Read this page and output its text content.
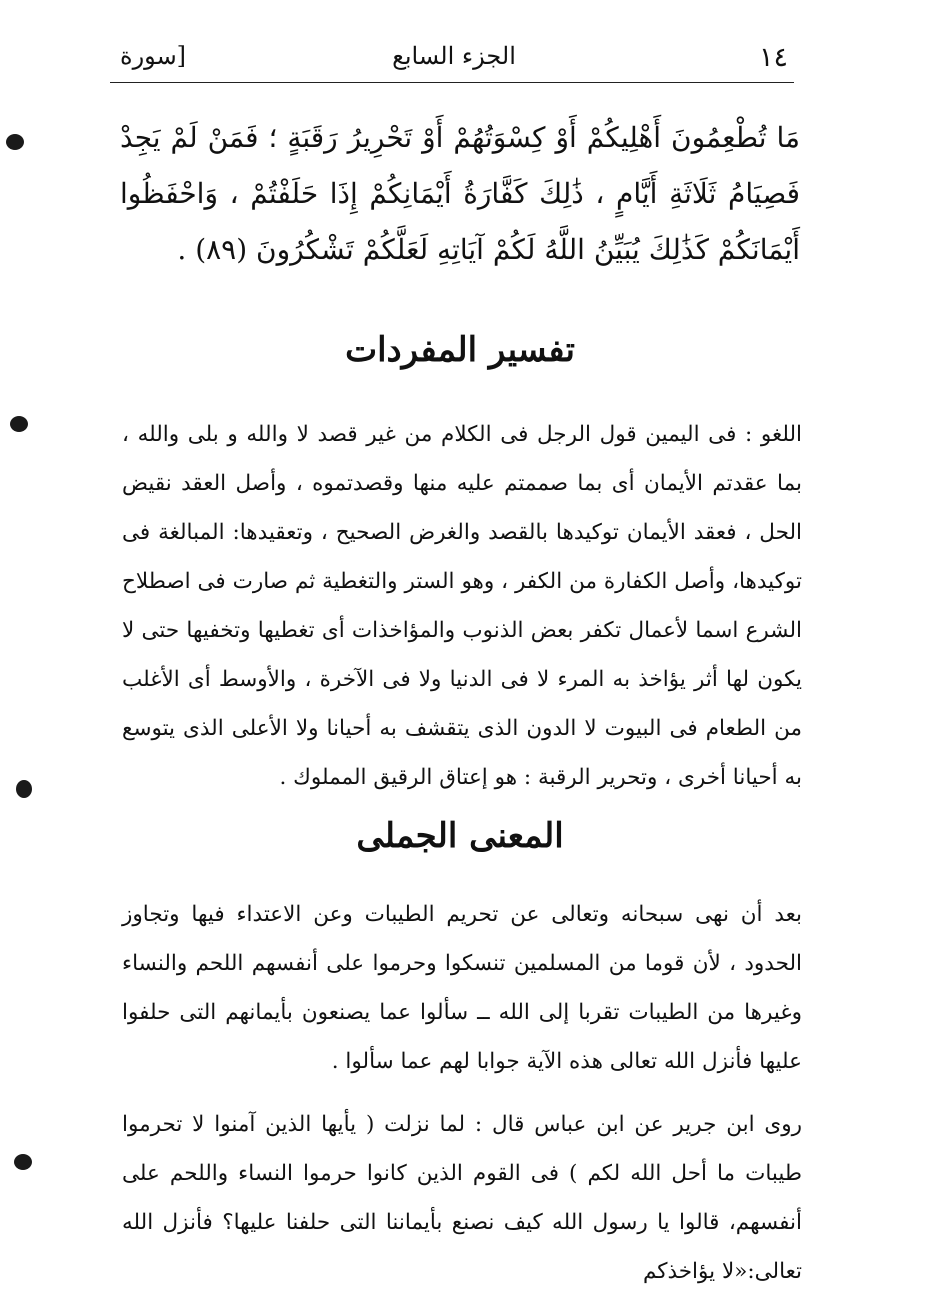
١٤
الجزء السابع
[سورة
مَا تُطْعِمُونَ أَهْلِيكُمْ أَوْ كِسْوَتُهُمْ أَوْ تَحْرِيرُ رَقَبَةٍ ؛ فَمَنْ لَمْ يَجِدْ فَصِيَامُ ثَلَاثَةِ أَيَّامٍ ، ذَٰلِكَ كَفَّارَةُ أَيْمَانِكُمْ إِذَا حَلَفْتُمْ ، وَاحْفَظُوا أَيْمَانَكُمْ كَذَٰلِكَ يُبَيِّنُ اللَّهُ لَكُمْ آيَاتِهِ لَعَلَّكُمْ تَشْكُرُونَ (٨٩) .
تفسير المفردات
اللغو : فى اليمين قول الرجل فى الكلام من غير قصد لا والله و بلى والله ، بما عقدتم الأيمان أى بما صممتم عليه منها وقصدتموه ، وأصل العقد نقيض الحل ، فعقد الأيمان توكيدها بالقصد والغرض الصحيح ، وتعقيدها: المبالغة فى توكيدها، وأصل الكفارة من الكفر ، وهو الستر والتغطية ثم صارت فى اصطلاح الشرع اسما لأعمال تكفر بعض الذنوب والمؤاخذات أى تغطيها وتخفيها حتى لا يكون لها أثر يؤاخذ به المرء لا فى الدنيا ولا فى الآخرة ، والأوسط أى الأغلب من الطعام فى البيوت لا الدون الذى يتقشف به أحيانا ولا الأعلى الذى يتوسع به أحيانا أخرى ، وتحرير الرقبة : هو إعتاق الرقيق المملوك .
المعنى الجملى
بعد أن نهى سبحانه وتعالى عن تحريم الطيبات وعن الاعتداء فيها وتجاوز الحدود ، لأن قوما من المسلمين تنسكوا وحرموا على أنفسهم اللحم والنساء وغيرها من الطيبات تقربا إلى الله ــ سألوا عما يصنعون بأيمانهم التى حلفوا عليها فأنزل الله تعالى هذه الآية جوابا لهم عما سألوا .
روى ابن جرير عن ابن عباس قال : لما نزلت ( يأيها الذين آمنوا لا تحرموا طيبات ما أحل الله لكم ) فى القوم الذين كانوا حرموا النساء واللحم على أنفسهم، قالوا يا رسول الله كيف نصنع بأيماننا التى حلفنا عليها؟ فأنزل الله تعالى:«لا يؤاخذكم
